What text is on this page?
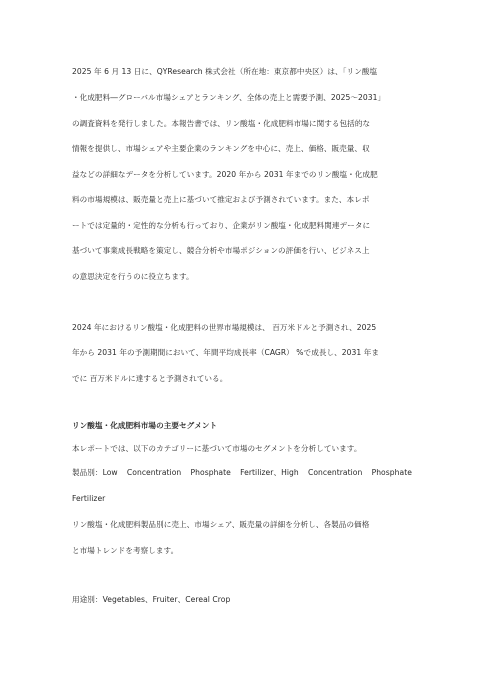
2025 年 6 月 13 日に、QYResearch 株式会社（所在地：東京都中央区）は、「リン酸塩
・化成肥料―グローバル市場シェアとランキング、全体の売上と需要予測、2025～2031」
の調査資料を発行しました。本報告書では、リン酸塩・化成肥料市場に関する包括的な
情報を提供し、市場シェアや主要企業のランキングを中心に、売上、価格、販売量、収
益などの詳細なデータを分析しています。2020 年から 2031 年までのリン酸塩・化成肥
料の市場規模は、販売量と売上に基づいて推定および予測されています。また、本レポ
ートでは定量的・定性的な分析も行っており、企業がリン酸塩・化成肥料関連データに
基づいて事業成長戦略を策定し、競合分析や市場ポジションの評価を行い、ビジネス上
の意思決定を行うのに役立ちます。
2024 年におけるリン酸塩・化成肥料の世界市場規模は、 百万米ドルと予測され、2025
年から 2031 年の予測期間において、年間平均成長率（CAGR） %で成長し、2031 年ま
でに 百万米ドルに達すると予測されている。
リン酸塩・化成肥料市場の主要セグメント
本レポートでは、以下のカテゴリーに基づいて市場のセグメントを分析しています。
製品別：Low Concentration Phosphate Fertilizer、High Concentration Phosphate
Fertilizer
リン酸塩・化成肥料製品別に売上、市場シェア、販売量の詳細を分析し、各製品の価格
と市場トレンドを考察します。
用途別：Vegetables、Fruiter、Cereal Crop
